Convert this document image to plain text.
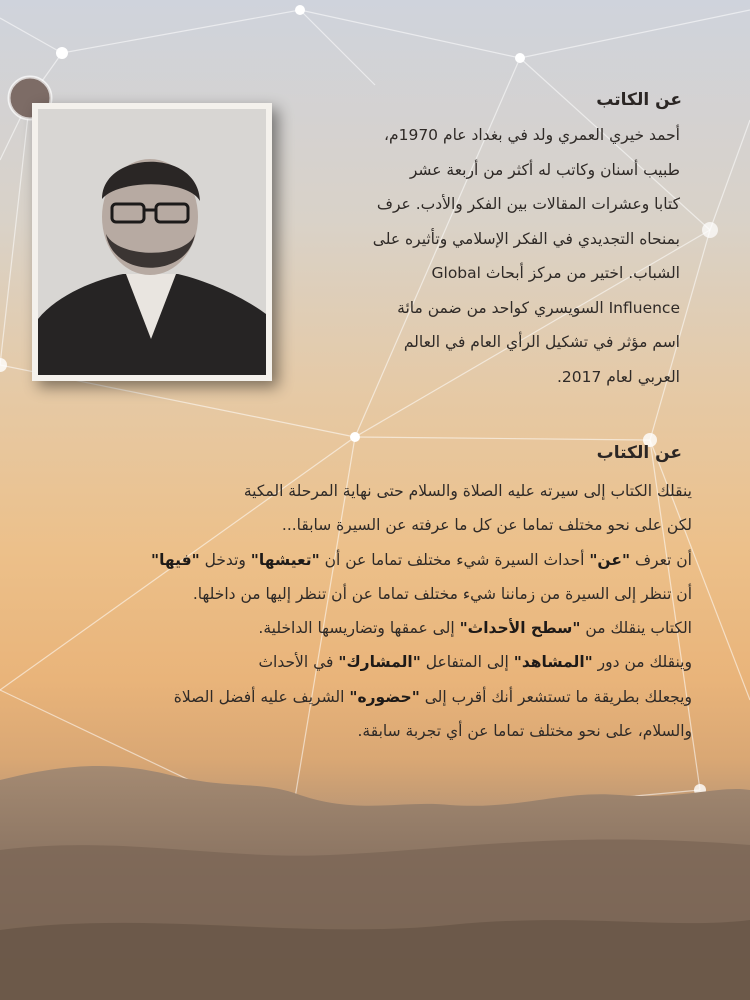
عن الكاتب
أحمد خيري العمري ولد في بغداد عام 1970م،
طبيب أسنان وكاتب له أكثر من أربعة عشر
كتابا وعشرات المقالات بين الفكر والأدب. عرف
بمنحاه التجديدي في الفكر الإسلامي وتأثيره على
الشباب. اختير من مركز أبحاث Global
Influence السويسري كواحد من ضمن مائة
اسم مؤثر في تشكيل الرأي العام في العالم
العربي لعام 2017.
عن الكتاب
ينقلك الكتاب إلى سيرته عليه الصلاة والسلام حتى نهاية المرحلة المكية
لكن على نحو مختلف تماما عن كل ما عرفته عن السيرة سابقا...
أن تعرف "عن" أحداث السيرة شيء مختلف تماما عن أن "تعيشها" وتدخل "فيها"
أن تنظر إلى السيرة من زماننا شيء مختلف تماما عن أن تنظر إليها من داخلها.
الكتاب ينقلك من "سطح الأحداث" إلى عمقها وتضاريسها الداخلية.
وينقلك من دور "المشاهد" إلى المتفاعل "المشارك" في الأحداث
ويجعلك بطريقة ما تستشعر أنك أقرب إلى "حضوره" الشريف عليه أفضل الصلاة
والسلام، على نحو مختلف تماما عن أي تجربة سابقة.
